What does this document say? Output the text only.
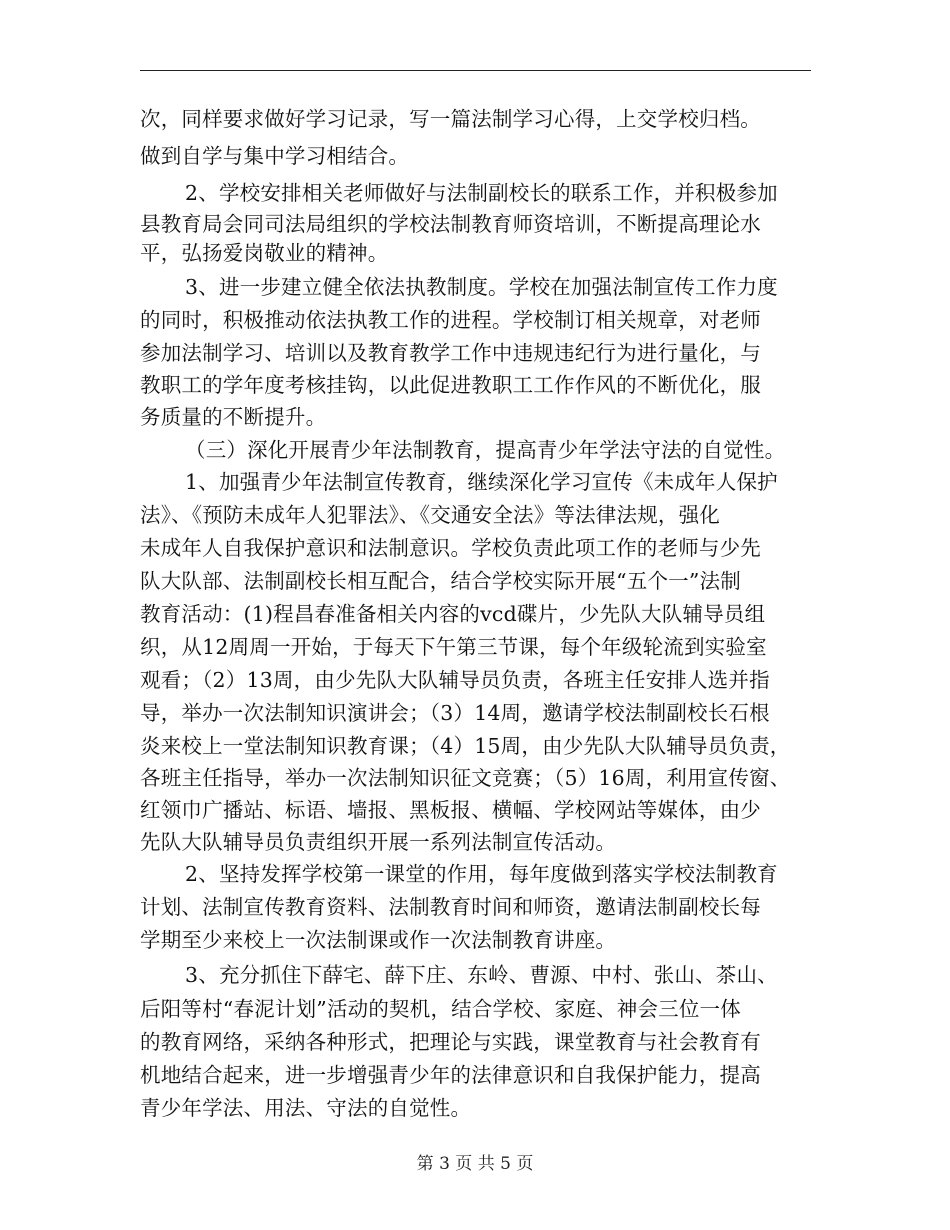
次，同样要求做好学习记录，写一篇法制学习心得，上交学校归档。
做到自学与集中学习相结合。
2、学校安排相关老师做好与法制副校长的联系工作，并积极参加
县教育局会同司法局组织的学校法制教育师资培训，不断提高理论水
平，弘扬爱岗敬业的精神。
3、进一步建立健全依法执教制度。学校在加强法制宣传工作力度
的同时，积极推动依法执教工作的进程。学校制订相关规章，对老师
参加法制学习、培训以及教育教学工作中违规违纪行为进行量化，与
教职工的学年度考核挂钩，以此促进教职工工作作风的不断优化，服
务质量的不断提升。
（三）深化开展青少年法制教育，提高青少年学法守法的自觉性。
1、加强青少年法制宣传教育，继续深化学习宣传《未成年人保护
法》、《预防未成年人犯罪法》、《交通安全法》等法律法规，强化
未成年人自我保护意识和法制意识。学校负责此项工作的老师与少先
队大队部、法制副校长相互配合，结合学校实际开展“五个一”法制
教育活动：(1)程昌春准备相关内容的vcd碟片，少先队大队辅导员组
织，从12周周一开始，于每天下午第三节课，每个年级轮流到实验室
观看；（2）13周，由少先队大队辅导员负责，各班主任安排人选并指
导，举办一次法制知识演讲会；（3）14周，邀请学校法制副校长石根
炎来校上一堂法制知识教育课；（4）15周，由少先队大队辅导员负责，
各班主任指导，举办一次法制知识征文竞赛；（5）16周，利用宣传窗、
红领巾广播站、标语、墙报、黑板报、横幅、学校网站等媒体，由少
先队大队辅导员负责组织开展一系列法制宣传活动。
2、坚持发挥学校第一课堂的作用，每年度做到落实学校法制教育
计划、法制宣传教育资料、法制教育时间和师资，邀请法制副校长每
学期至少来校上一次法制课或作一次法制教育讲座。
3、充分抓住下薛宅、薛下庄、东岭、曹源、中村、张山、茶山、
后阳等村“春泥计划”活动的契机，结合学校、家庭、神会三位一体
的教育网络，采纳各种形式，把理论与实践，课堂教育与社会教育有
机地结合起来，进一步增强青少年的法律意识和自我保护能力，提高
青少年学法、用法、守法的自觉性。
第 3 页 共 5 页
